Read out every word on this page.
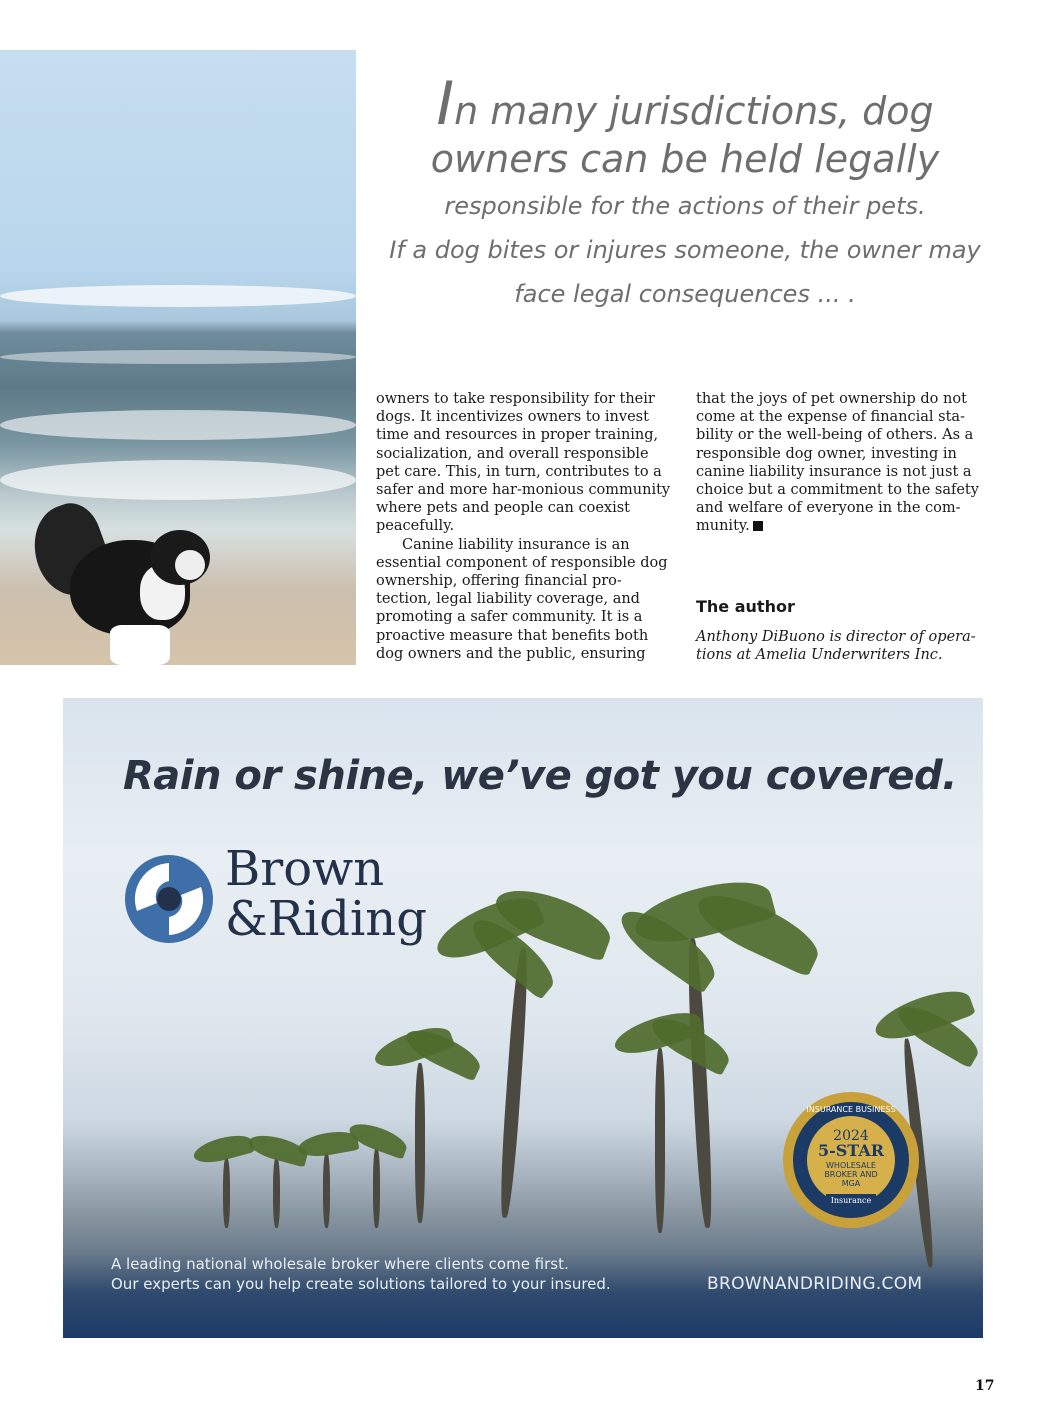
In many jurisdictions, dog
owners can be held legally
responsible for the actions of their pets.
If a dog bites or injures someone, the owner may
face legal consequences ... .

owners to take responsibility for their dogs. It incentivizes owners to invest time and resources in proper training, socialization, and overall responsible pet care. This, in turn, contributes to a safer and more har-monious community where pets and people can coexist peacefully.

Canine liability insurance is an essential component of responsible dog ownership, offering financial pro-tection, legal liability coverage, and promoting a safer community. It is a proactive measure that benefits both dog owners and the public, ensuring

that the joys of pet ownership do not come at the expense of financial sta-bility or the well-being of others. As a responsible dog owner, investing in canine liability insurance is not just a choice but a commitment to the safety and welfare of everyone in the com-munity.

The author
Anthony DiBuono is director of opera-tions at Amelia Underwriters Inc.
Rain or shine, we’ve got you covered.
Brown
&Riding
INSURANCE BUSINESS
2024
5-STAR
WHOLESALE
BROKER AND
MGA
Insurance
A leading national wholesale broker where clients come first.
Our experts can you help create solutions tailored to your insured.	BROWNANDRIDING.COM
17
